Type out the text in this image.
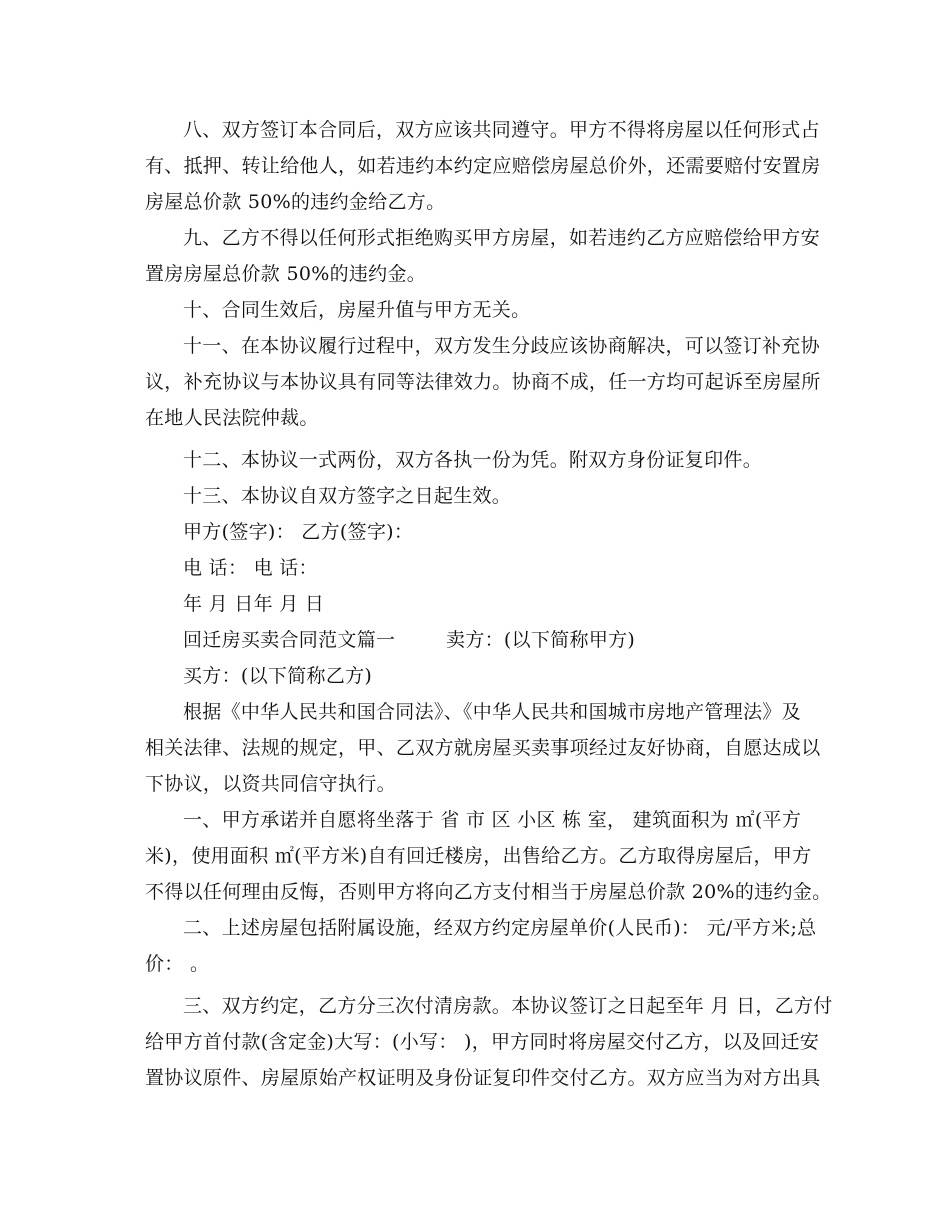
八、双方签订本合同后，双方应该共同遵守。甲方不得将房屋以任何形式占
有、抵押、转让给他人，如若违约本约定应赔偿房屋总价外，还需要赔付安置房
房屋总价款 50%的违约金给乙方。
九、乙方不得以任何形式拒绝购买甲方房屋，如若违约乙方应赔偿给甲方安
置房房屋总价款 50%的违约金。
十、合同生效后，房屋升值与甲方无关。
十一、在本协议履行过程中，双方发生分歧应该协商解决，可以签订补充协
议，补充协议与本协议具有同等法律效力。协商不成，任一方均可起诉至房屋所
在地人民法院仲裁。
十二、本协议一式两份，双方各执一份为凭。附双方身份证复印件。
十三、本协议自双方签字之日起生效。
甲方(签字)： 乙方(签字)：
电 话： 电 话：
年 月 日年 月 日
回迁房买卖合同范文篇一        卖方：(以下简称甲方)
买方：(以下简称乙方)
根据《中华人民共和国合同法》、《中华人民共和国城市房地产管理法》及
相关法律、法规的规定，甲、乙双方就房屋买卖事项经过友好协商，自愿达成以
下协议，以资共同信守执行。
一、甲方承诺并自愿将坐落于 省 市 区 小区 栋 室， 建筑面积为 ㎡(平方
米)，使用面积 ㎡(平方米)自有回迁楼房，出售给乙方。乙方取得房屋后，甲方
不得以任何理由反悔，否则甲方将向乙方支付相当于房屋总价款 20%的违约金。
二、上述房屋包括附属设施，经双方约定房屋单价(人民币)： 元/平方米;总
价： 。
三、双方约定，乙方分三次付清房款。本协议签订之日起至年 月 日，乙方付
给甲方首付款(含定金)大写：(小写： )，甲方同时将房屋交付乙方，以及回迁安
置协议原件、房屋原始产权证明及身份证复印件交付乙方。双方应当为对方出具
